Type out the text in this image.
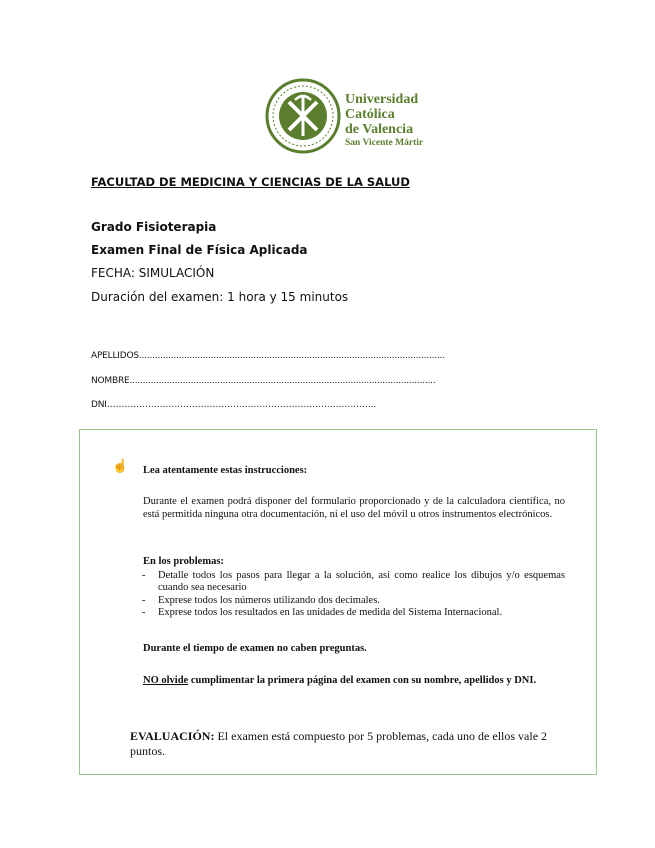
Universidad
Católica
de Valencia
San Vicente Mártir
FACULTAD DE MEDICINA Y CIENCIAS DE LA SALUD
Grado Fisioterapia
Examen Final de Física Aplicada
FECHA: SIMULACIÓN
Duración del examen: 1 hora y 15 minutos
APELLIDOS...................................................................................................................
NOMBRE...................................................................................................................
DNI………………………………………………………………………………..
☝ Lea atentamente estas instrucciones:
Durante el examen podrá disponer del formulario proporcionado y de la calculadora científica, no está permitida ninguna otra documentación, ni el uso del móvil u otros instrumentos electrónicos.
En los problemas:
- Detalle todos los pasos para llegar a la solución, así como realice los dibujos y/o esquemas cuando sea necesario
- Exprese todos los números utilizando dos decimales.
- Exprese todos los resultados en las unidades de medida del Sistema Internacional.
Durante el tiempo de examen no caben preguntas.
NO olvide cumplimentar la primera página del examen con su nombre, apellidos y DNI.
EVALUACIÓN: El examen está compuesto por 5 problemas, cada uno de ellos vale 2 puntos.
